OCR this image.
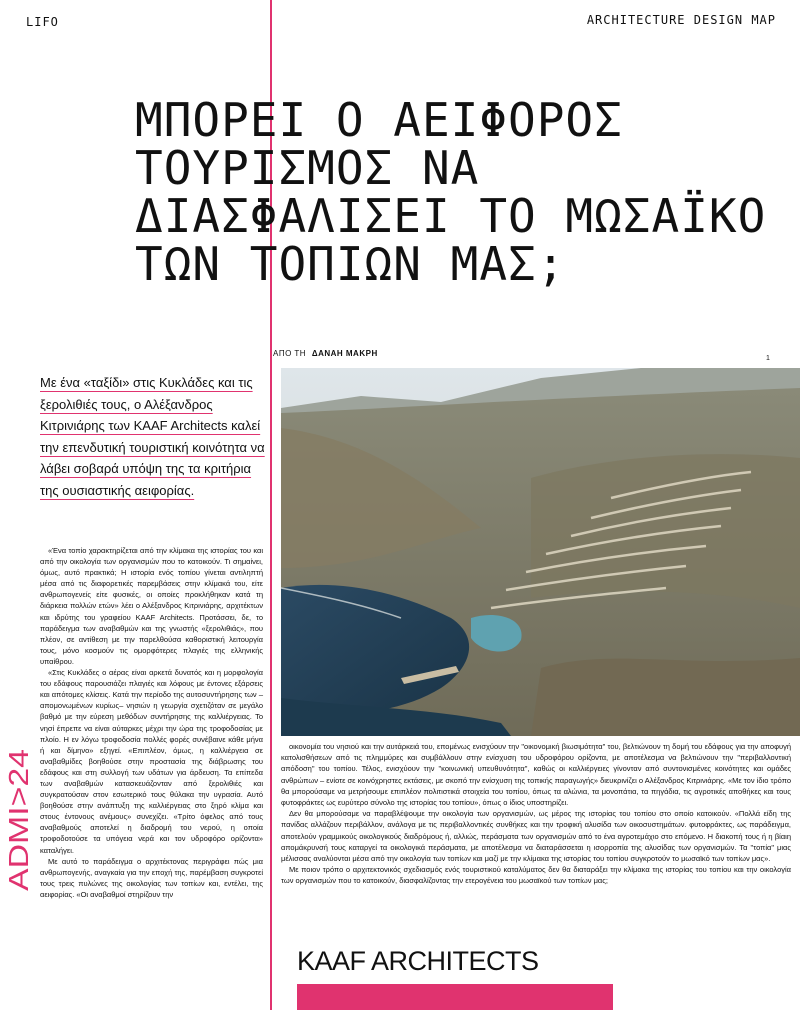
LIFO	ARCHITECTURE DESIGN MAP
ΜΠΟΡΕΙ Ο ΑΕΙΦΟΡΟΣ ΤΟΥΡΙΣΜΟΣ ΝΑ ΔΙΑΣΦΑΛΙΣΕΙ ΤΟ ΜΩΣΑΪΚΟ ΤΩΝ ΤΟΠΙΩΝ ΜΑΣ;
ΑΠΟ ΤΗ ΔΑΝΑΗ ΜΑΚΡΗ
1
Με ένα «ταξίδι» στις Κυκλάδες και τις ξερολιθιές τους, ο Αλέξανδρος Κιτρινιάρης των KAAF Architects καλεί την επενδυτική τουριστική κοινότητα να λάβει σοβαρά υπόψη της τα κριτήρια της ουσιαστικής αειφορίας.

«Ένα τοπίο χαρακτηρίζεται από την κλίμακα της ιστορίας του και από την οικολογία των οργανισμών που το κατοικούν. Τι σημαίνει, όμως, αυτό πρακτικά; Η ιστορία ενός τοπίου γίνεται αντιληπτή μέσα από τις διαφορετικές παρεμβάσεις στην κλίμακά του, είτε ανθρωπογενείς είτε φυσικές, οι οποίες προκλήθηκαν κατά τη διάρκεια πολλών ετών» λέει ο Αλέξανδρος Κιτρινιάρης, αρχιτέκτων και ιδρύτης του γραφείου KAAF Architects. Προτάσσει, δε, το παράδειγμα των αναβαθμών και της γνωστής «ξερολιθιάς», που πλέον, σε αντίθεση με την παρελθούσα καθοριστική λειτουργία τους, μόνο κοσμούν τις ομορφότερες πλαγιές της ελληνικής υπαίθρου.

«Στις Κυκλάδες ο αέρας είναι αρκετά δυνατός και η μορφολογία του εδάφους παρουσιάζει πλαγιές και λόφους με έντονες εξάρσεις και απότομες κλίσεις. Κατά την περίοδο της αυτοσυντήρησης των –απομονωμένων κυρίως– νησιών η γεωργία σχετιζόταν σε μεγάλο βαθμό με την εύρεση μεθόδων συντήρησης της καλλιέργειας. Το νησί έπρεπε να είναι αύταρκες μέχρι την ώρα της τροφοδοσίας με πλοίο. Η εν λόγω τροφοδοσία πολλές φορές συνέβαινε κάθε μήνα ή και δίμηνο» εξηγεί. «Επιπλέον, όμως, η καλλιέργεια σε αναβαθμίδες βοηθούσε στην προστασία της διάβρωσης του εδάφους και στη συλλογή των υδάτων για άρδευση. Τα επίπεδα των αναβαθμών κατασκευάζονταν από ξερολιθιές και συγκρατούσαν στον εσωτερικό τους θύλακα την υγρασία. Αυτό βοηθούσε στην ανάπτυξη της καλλιέργειας στο ξηρό κλίμα και στους έντονους ανέμους» συνεχίζει. «Τρίτο όφελος από τους αναβαθμούς αποτελεί η διαδρομή του νερού, η οποία τροφοδοτούσε τα υπόγεια νερά και τον υδροφόρο ορίζοντα» καταλήγει.

Με αυτό το παράδειγμα ο αρχιτέκτονας περιγράφει πώς μια ανθρωπογενής, αναγκαία για την εποχή της, παρέμβαση συγκροτεί τους τρεις πυλώνες της οικολογίας των τοπίων και, εντέλει, της αειφορίας. «Οι αναβαθμοί στηρίζουν την

οικονομία του νησιού και την αυτάρκειά του, επομένως ενισχύουν την "οικονομική βιωσιμότητα" του, βελτιώνουν τη δομή του εδάφους για την αποφυγή κατολισθήσεων από τις πλημμύρες και συμβάλλουν στην ενίσχυση του υδροφόρου ορίζοντα, με αποτέλεσμα να βελτιώνουν την "περιβαλλοντική απόδοση" του τοπίου. Τέλος, ενισχύουν την "κοινωνική υπευθυνότητα", καθώς οι καλλιέργειες γίνονταν από συντονισμένες κοινότητες και ομάδες ανθρώπων – ενίοτε σε κοινόχρηστες εκτάσεις, με σκοπό την ενίσχυση της τοπικής παραγωγής» διευκρινίζει ο Αλέξανδρος Κιτρινιάρης. «Με τον ίδιο τρόπο θα μπορούσαμε να μετρήσουμε επιπλέον πολιτιστικά στοιχεία του τοπίου, όπως τα αλώνια, τα μονοπάτια, τα πηγάδια, τις αγροτικές αποθήκες και τους φυτοφράκτες ως ευρύτερο σύνολο της ιστορίας του τοπίου», όπως ο ίδιος υποστηρίζει.

Δεν θα μπορούσαμε να παραβλέψουμε την οικολογία των οργανισμών, ως μέρος της ιστορίας του τοπίου στο οποίο κατοικούν. «Πολλά είδη της πανίδας αλλάζουν περιβάλλον, ανάλογα με τις περιβαλλοντικές συνθήκες και την τροφική αλυσίδα των οικοσυστημάτων. φυτοφράκτες, ως παράδειγμα, αποτελούν γραμμικούς οικολογικούς διαδρόμους ή, αλλιώς, περάσματα των οργανισμών από το ένα αγροτεμάχιο στο επόμενο. Η διακοπή τους ή η βίαιη απομάκρυνσή τους καταργεί τα οικολογικά περάσματα, με αποτέλεσμα να διαταράσσεται η ισορροπία της αλυσίδας των οργανισμών. Τα "τοπία" μιας μέλισσας αναλύονται μέσα από την οικολογία των τοπίων και μαζί με την κλίμακα της ιστορίας του τοπίου συγκροτούν το μωσαϊκό των τοπίων μας».

Με ποιον τρόπο ο αρχιτεκτονικός σχεδιασμός ενός τουριστικού καταλύματος δεν θα διαταράξει την κλίμακα της ιστορίας του τοπίου και την οικολογία των οργανισμών που το κατοικούν, διασφαλίζοντας την ετερογένεια του μωσαϊκού των τοπίων μας;

ADMI>24
KAAF ARCHITECTS
